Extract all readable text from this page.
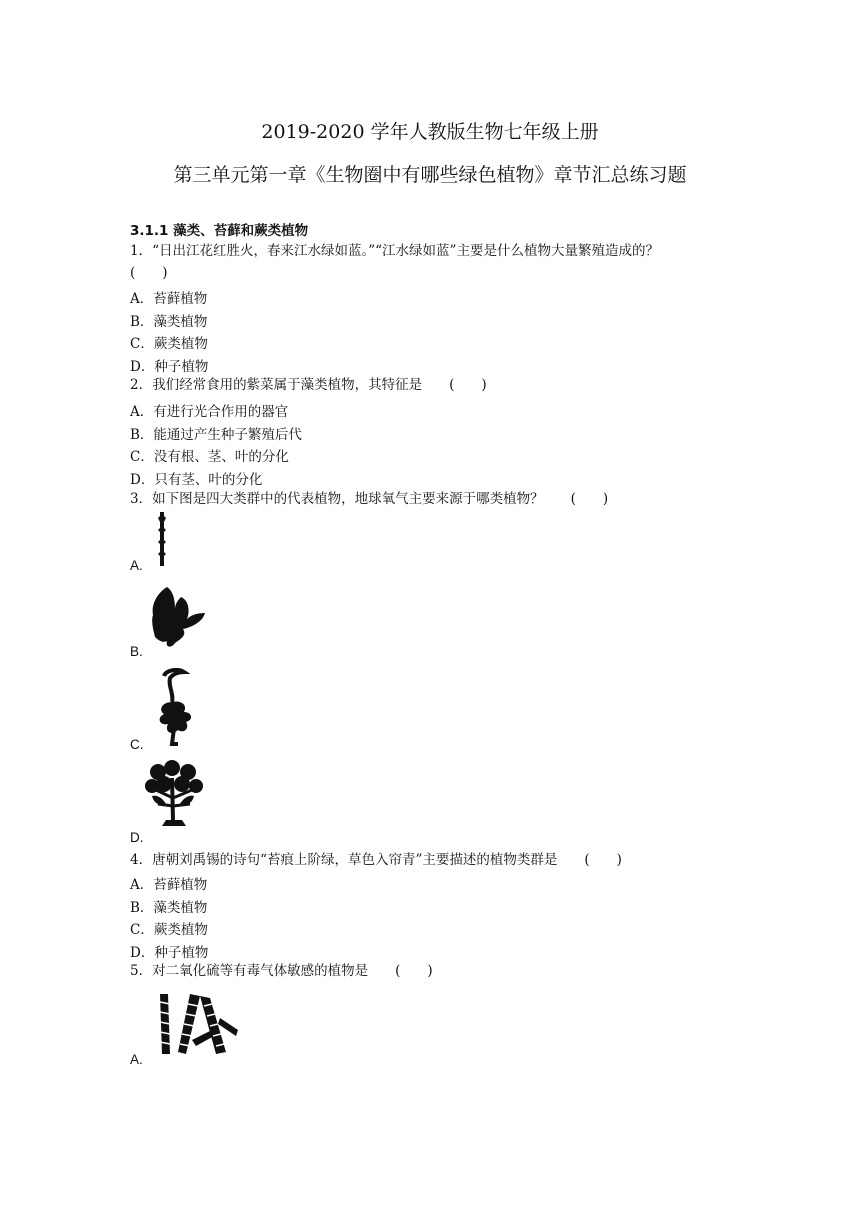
2019-2020 学年人教版生物七年级上册
第三单元第一章《生物圈中有哪些绿色植物》章节汇总练习题
3.1.1 藻类、苔藓和蕨类植物
1．“日出江花红胜火，春来江水绿如蓝。”“江水绿如蓝”主要是什么植物大量繁殖造成的？
(　　)
A．苔藓植物
B．藻类植物
C．蕨类植物
D．种子植物
2．我们经常食用的紫菜属于藻类植物，其特征是　　(　　)
A．有进行光合作用的器官
B．能通过产生种子繁殖后代
C．没有根、茎、叶的分化
D．只有茎、叶的分化
3．如下图是四大类群中的代表植物，地球氧气主要来源于哪类植物？　　(　　)
A.
B.
C.
D.
4．唐朝刘禹锡的诗句“苔痕上阶绿，草色入帘青”主要描述的植物类群是　　(　　)
A．苔藓植物
B．藻类植物
C．蕨类植物
D．种子植物
5．对二氧化硫等有毒气体敏感的植物是　　(　　)
A.
